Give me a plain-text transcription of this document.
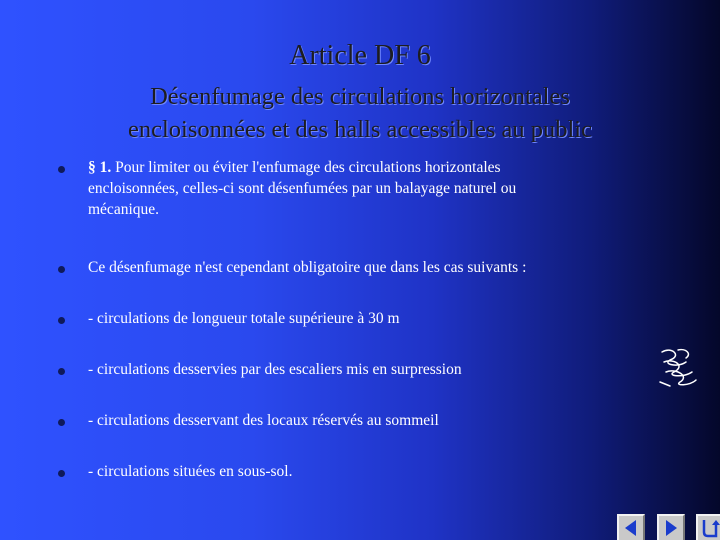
Article DF 6
Désenfumage des circulations horizontales
encloisonnées et des halls accessibles au public
§ 1. Pour limiter ou éviter l'enfumage des circulations horizontales
encloisonnées, celles-ci sont désenfumées par un balayage naturel ou
mécanique.
Ce désenfumage n'est cependant obligatoire que dans les cas suivants :
- circulations de longueur totale supérieure à 30 m
- circulations desservies par des escaliers mis en surpression
- circulations desservant des locaux réservés au sommeil
- circulations situées en sous-sol.
